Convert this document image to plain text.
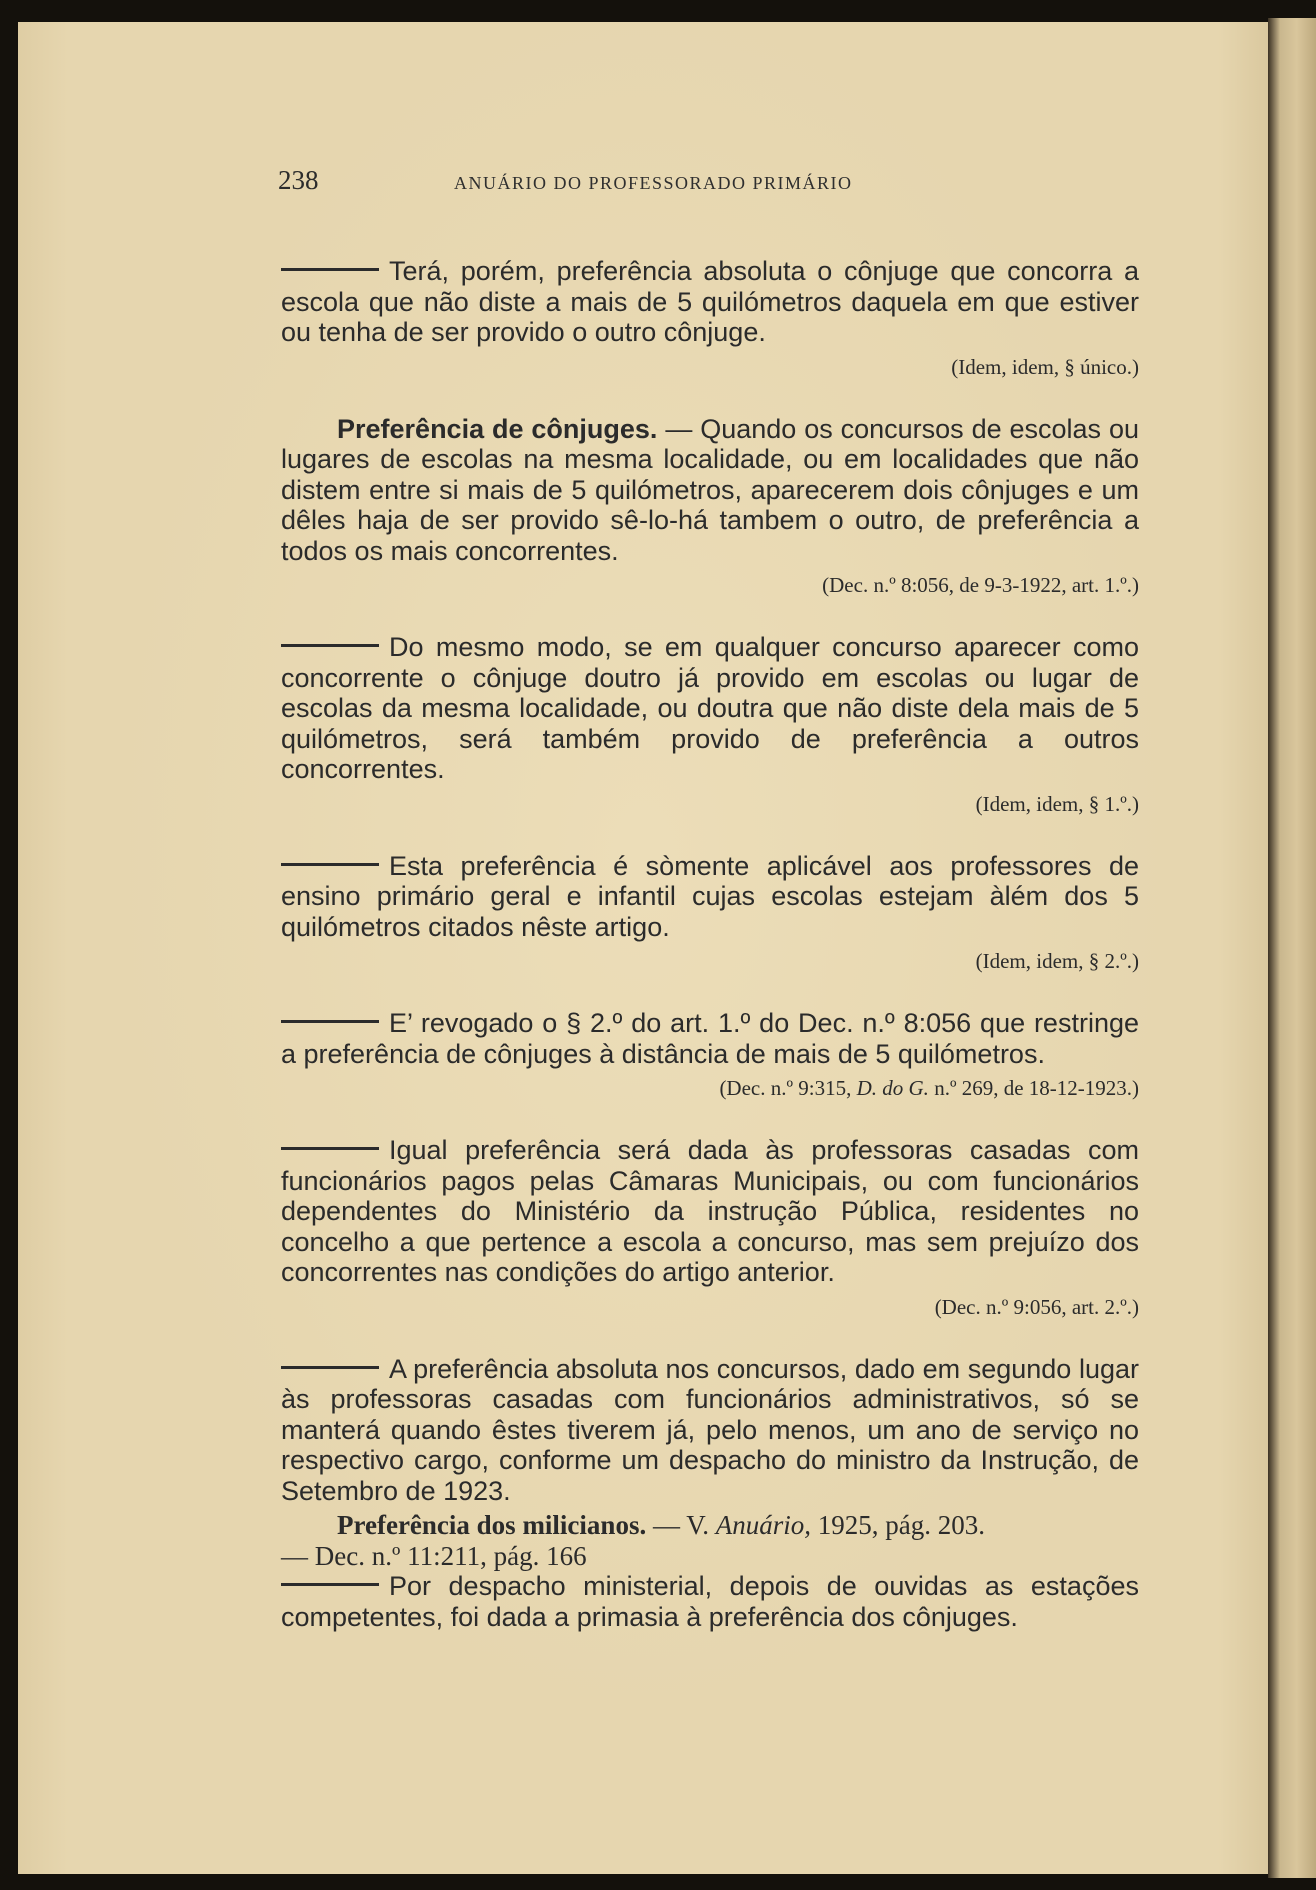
238	ANUÁRIO DO PROFESSORADO PRIMÁRIO

Terá, porém, preferência absoluta o cônjuge que concorra a escola que não diste a mais de 5 quilómetros daquela em que estiver ou tenha de ser provido o outro cônjuge.

(Idem, idem, § único.)

Preferência de cônjuges. — Quando os concursos de escolas ou lugares de escolas na mesma localidade, ou em localidades que não distem entre si mais de 5 quilómetros, aparecerem dois cônjuges e um dêles haja de ser provido sê-lo-há tambem o outro, de preferência a todos os mais concorrentes.

(Dec. n.º 8:056, de 9-3-1922, art. 1.º.)

Do mesmo modo, se em qualquer concurso aparecer como concorrente o cônjuge doutro já provido em escolas ou lugar de escolas da mesma localidade, ou doutra que não diste dela mais de 5 quilómetros, será também provido de preferência a outros concorrentes.

(Idem, idem, § 1.º.)

Esta preferência é sòmente aplicável aos professores de ensino primário geral e infantil cujas escolas estejam àlém dos 5 quilómetros citados nêste artigo.

(Idem, idem, § 2.º.)

E’ revogado o § 2.º do art. 1.º do Dec. n.º 8:056 que restringe a preferência de cônjuges à distância de mais de 5 quilómetros.

(Dec. n.º 9:315, D. do G. n.º 269, de 18-12-1923.)

Igual preferência será dada às professoras casadas com funcionários pagos pelas Câmaras Municipais, ou com funcionários dependentes do Ministério da instrução Pública, residentes no concelho a que pertence a escola a concurso, mas sem prejuízo dos concorrentes nas condições do artigo anterior.

(Dec. n.º 9:056, art. 2.º.)

A preferência absoluta nos concursos, dado em segundo lugar às professoras casadas com funcionários administrativos, só se manterá quando êstes tiverem já, pelo menos, um ano de serviço no respectivo cargo, conforme um despacho do ministro da Instrução, de Setembro de 1923.

Preferência dos milicianos. — V. Anuário, 1925, pág. 203.

— Dec. n.º 11:211, pág. 166

Por despacho ministerial, depois de ouvidas as estações competentes, foi dada a primasia à preferência dos cônjuges.
